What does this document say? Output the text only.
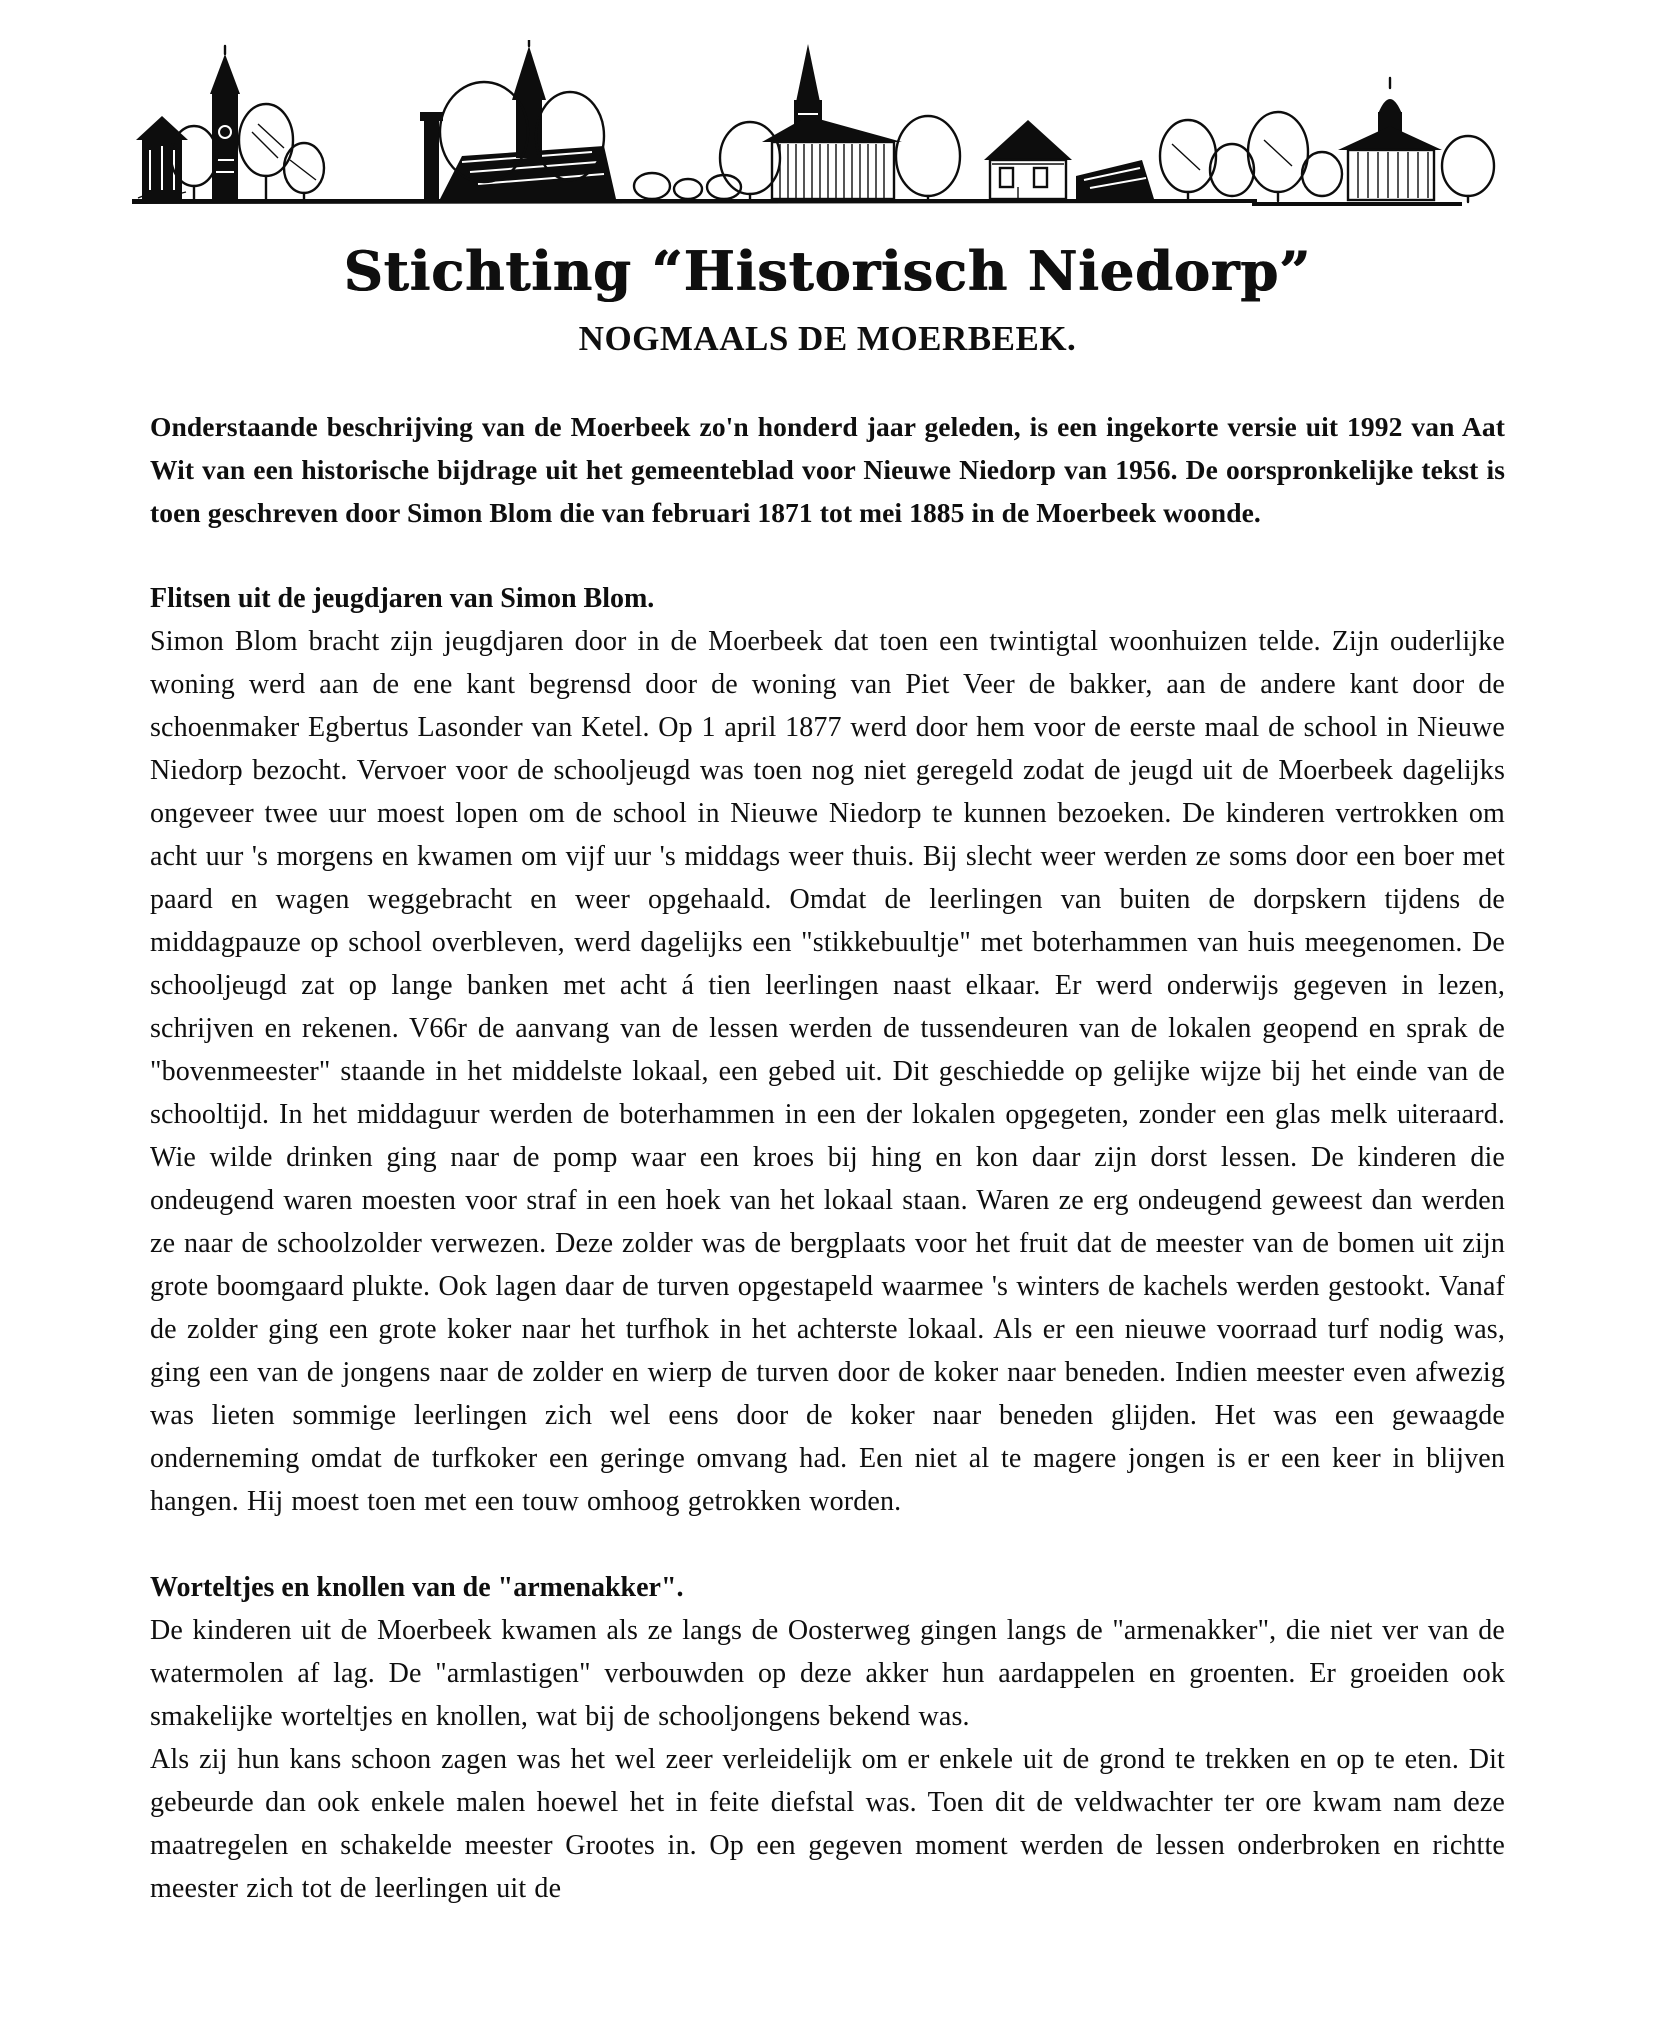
Stichting “Historisch Niedorp”
NOGMAALS DE MOERBEEK.

Onderstaande beschrijving van de Moerbeek zo'n honderd jaar geleden, is een ingekorte versie uit 1992 van Aat Wit van een historische bijdrage uit het gemeenteblad voor Nieuwe Niedorp van 1956. De oorspronkelijke tekst is toen geschreven door Simon Blom die van februari 1871 tot mei 1885 in de Moerbeek woonde.

Flitsen uit de jeugdjaren van Simon Blom.

Simon Blom bracht zijn jeugdjaren door in de Moerbeek dat toen een twintigtal woonhuizen telde. Zijn ouderlijke woning werd aan de ene kant begrensd door de woning van Piet Veer de bakker, aan de andere kant door de schoenmaker Egbertus Lasonder van Ketel. Op 1 april 1877 werd door hem voor de eerste maal de school in Nieuwe Niedorp bezocht. Vervoer voor de schooljeugd was toen nog niet geregeld zodat de jeugd uit de Moerbeek dagelijks ongeveer twee uur moest lopen om de school in Nieuwe Niedorp te kunnen bezoeken. De kinderen vertrokken om acht uur 's morgens en kwamen om vijf uur 's middags weer thuis. Bij slecht weer werden ze soms door een boer met paard en wagen weggebracht en weer opgehaald. Omdat de leerlingen van buiten de dorpskern tijdens de middagpauze op school overbleven, werd dagelijks een "stikkebuultje" met boterhammen van huis meegenomen. De schooljeugd zat op lange banken met acht á tien leerlingen naast elkaar. Er werd onderwijs gegeven in lezen, schrijven en rekenen. V66r de aanvang van de lessen werden de tussendeuren van de lokalen geopend en sprak de "bovenmeester" staande in het middelste lokaal, een gebed uit. Dit geschiedde op gelijke wijze bij het einde van de schooltijd. In het middaguur werden de boterhammen in een der lokalen opgegeten, zonder een glas melk uiteraard. Wie wilde drinken ging naar de pomp waar een kroes bij hing en kon daar zijn dorst lessen. De kinderen die ondeugend waren moesten voor straf in een hoek van het lokaal staan. Waren ze erg ondeugend geweest dan werden ze naar de schoolzolder verwezen. Deze zolder was de bergplaats voor het fruit dat de meester van de bomen uit zijn grote boomgaard plukte. Ook lagen daar de turven opgestapeld waarmee 's winters de kachels werden gestookt. Vanaf de zolder ging een grote koker naar het turfhok in het achterste lokaal. Als er een nieuwe voorraad turf nodig was, ging een van de jongens naar de zolder en wierp de turven door de koker naar beneden. Indien meester even afwezig was lieten sommige leerlingen zich wel eens door de koker naar beneden glijden. Het was een gewaagde onderneming omdat de turfkoker een geringe omvang had. Een niet al te magere jongen is er een keer in blijven hangen. Hij moest toen met een touw omhoog getrokken worden.

Worteltjes en knollen van de "armenakker".

De kinderen uit de Moerbeek kwamen als ze langs de Oosterweg gingen langs de "armenakker", die niet ver van de watermolen af lag. De "armlastigen" verbouwden op deze akker hun aardappelen en groenten. Er groeiden ook smakelijke worteltjes en knollen, wat bij de schooljongens bekend was.

Als zij hun kans schoon zagen was het wel zeer verleidelijk om er enkele uit de grond te trekken en op te eten. Dit gebeurde dan ook enkele malen hoewel het in feite diefstal was. Toen dit de veldwachter ter ore kwam nam deze maatregelen en schakelde meester Grootes in. Op een gegeven moment werden de lessen onderbroken en richtte meester zich tot de leerlingen uit de
